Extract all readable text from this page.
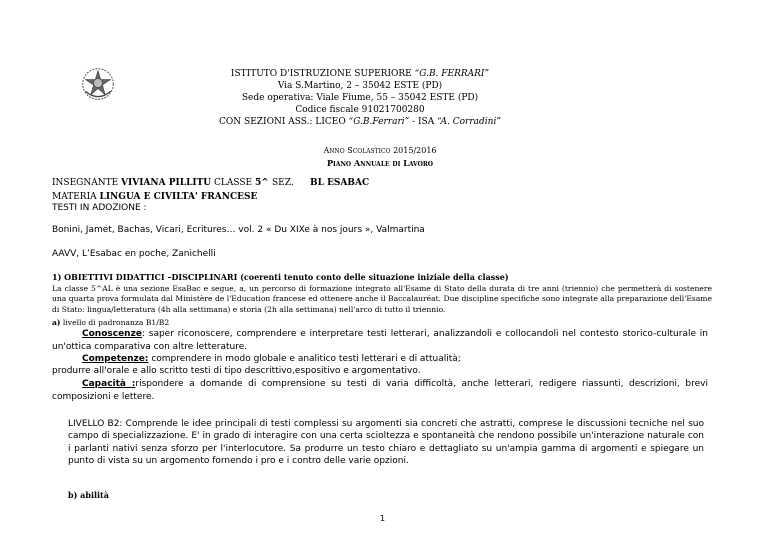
ISTITUTO D'ISTRUZIONE SUPERIORE “G.B. FERRARI”
Via S.Martino, 2 – 35042 ESTE (PD)
Sede operativa: Viale Fiume, 55 – 35042 ESTE (PD)
Codice fiscale 91021700280
CON SEZIONI ASS.: LICEO “G.B.Ferrari” - ISA “A. Corradini”
Anno Scolastico 2015/2016
Piano Annuale di Lavoro
INSEGNANTE VIVIANA PILLITU CLASSE 5^ SEZ. BL ESABAC
MATERIA LINGUA E CIVILTA' FRANCESE
TESTI IN ADOZIONE :
Bonini, Jamet, Bachas, Vicari, Ecritures… vol. 2 « Du XIXe à nos jours », Valmartina
AAVV, L’Esabac en poche, Zanichelli
1) OBIETTIVI DIDATTICI –DISCIPLINARI (coerenti tenuto conto delle situazione iniziale della classe)
La classe 5^AL è una sezione EsaBac e segue, a, un percorso di formazione integrato all'Esame di Stato della durata di tre anni (triennio) che permetterà di sostenere una quarta prova formulata dal Ministère de l'Education francese ed ottenere anche il Baccalauréat. Due discipline specifiche sono integrate alla preparazione dell'Esame di Stato: lingua/letteratura (4h alla settimana) e storia (2h alla settimana) nell'arco di tutto il triennio.
a) livello di padronanza B1/B2
Conoscenze: saper riconoscere, comprendere e interpretare testi letterari, analizzandoli e collocandoli nel contesto storico-culturale in un'ottica comparativa con altre letterature.
Competenze: comprendere in modo globale e analitico testi letterari e di attualità;
produrre all'orale e allo scritto testi di tipo descrittivo,espositivo e argomentativo.
Capacità :rispondere a domande di comprensione su testi di varia difficoltà, anche letterari, redigere riassunti, descrizioni, brevi composizioni e lettere.
LIVELLO B2: Comprende le idee principali di testi complessi su argomenti sia concreti che astratti, comprese le discussioni tecniche nel suo campo di specializzazione. E' in grado di interagire con una certa scioltezza e spontaneità che rendono possibile un'interazione naturale con i parlanti nativi senza sforzo per l'interlocutore. Sa produrre un testo chiaro e dettagliato su un'ampia gamma di argomenti e spiegare un punto di vista su un argomento fornendo i pro e i contro delle varie opzioni.
b) abilità
1
